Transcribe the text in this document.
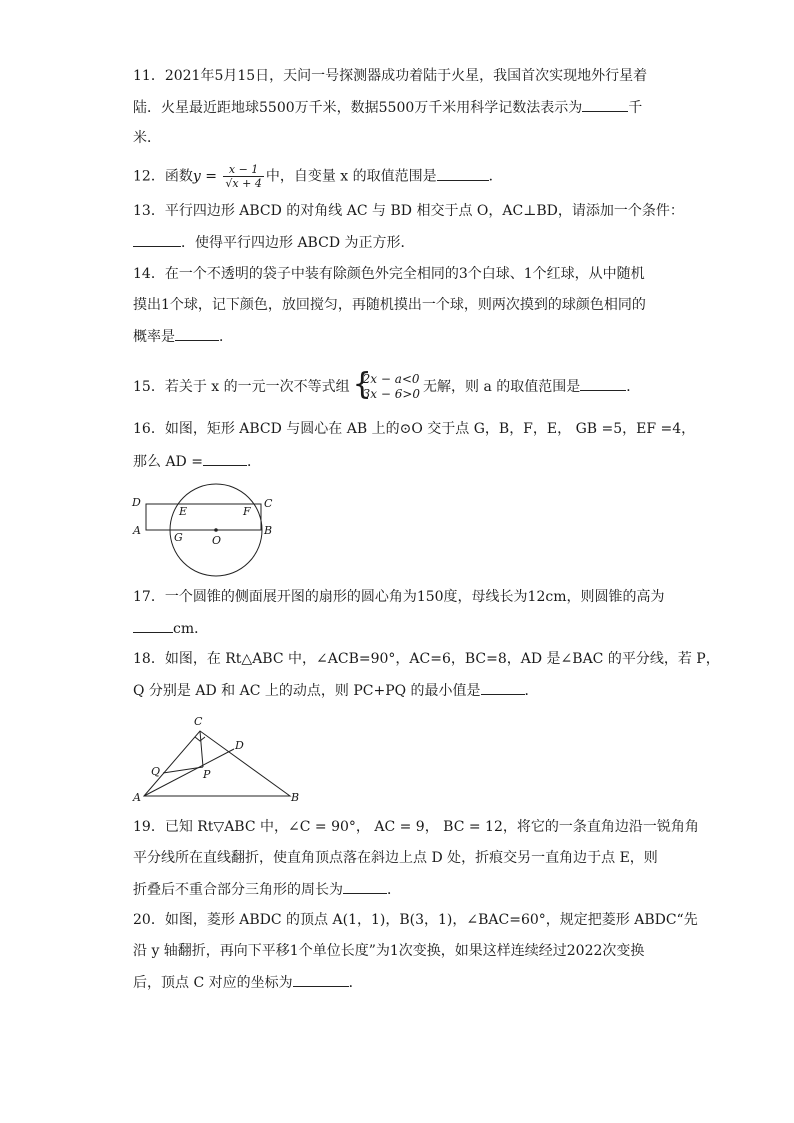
11．2021年5月15日，天问一号探测器成功着陆于火星，我国首次实现地外行星着
陆．火星最近距地球5500万千米，数据5500万千米用科学记数法表示为	千
米．
12．函数$y = \frac{x - 1}{√x + 4}$ 中，自变量 x 的取值范围是	．
13．平行四边形 ABCD 的对角线 AC 与 BD 相交于点 O，AC⊥BD，请添加一个条件：
．使得平行四边形 ABCD 为正方形．
14．在一个不透明的袋子中装有除颜色外完全相同的3个白球、1个红球，从中随机
摸出1个球，记下颜色，放回搅匀，再随机摸出一个球，则两次摸到的球颜色相同的
概率是	．
15．若关于 x 的一元一次不等式组 {
2x − a<0
3x − 6>0 无解，则 a 的取值范围是	．
16．如图，矩形 ABCD 与圆心在 AB 上的⊙O 交于点 G，B，F，E， GB =5，EF =4，
那么 AD =	．
D	C
A	B
E	F
G	O
17．一个圆锥的侧面展开图的扇形的圆心角为150度，母线长为12cm，则圆锥的高为
cm．
18．如图，在 Rt△ABC 中，∠ACB=90°，AC=6，BC=8，AD 是∠BAC 的平分线，若 P，
Q 分别是 AD 和 AC 上的动点，则 PC+PQ 的最小值是	．
C
D
Q	P
A	B
19．已知 Rt▽ABC 中，∠C = 90°， AC = 9， BC = 12，将它的一条直角边沿一锐角角
平分线所在直线翻折，使直角顶点落在斜边上点 D 处，折痕交另一直角边于点 E，则
折叠后不重合部分三角形的周长为	．
20．如图，菱形 ABDC 的顶点 A(1，1)，B(3，1)，∠BAC=60°，规定把菱形 ABDC“先
沿 y 轴翻折，再向下平移1个单位长度”为1次变换，如果这样连续经过2022次变换
后，顶点 C 对应的坐标为	．
